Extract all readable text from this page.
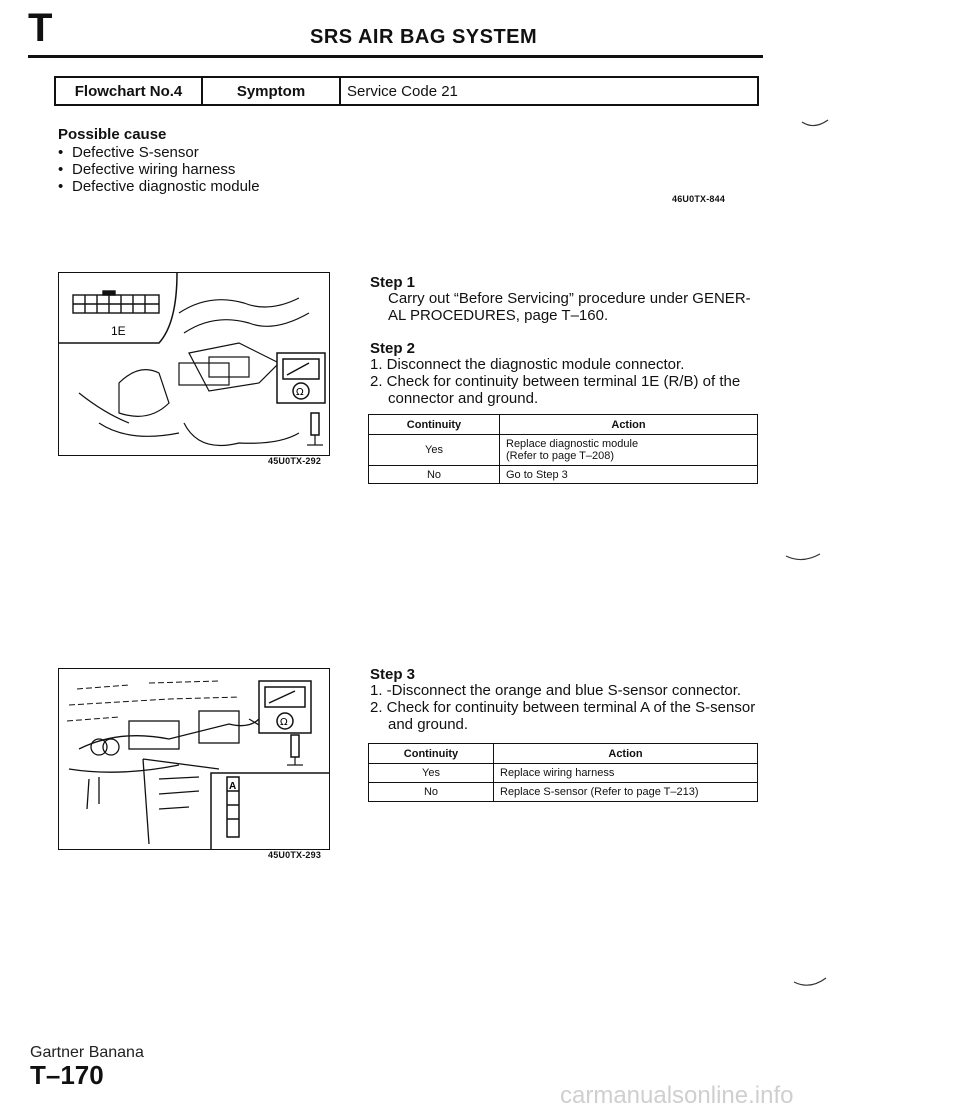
T	SRS AIR BAG SYSTEM
Flowchart No.4	Symptom	Service Code 21
Possible cause
• Defective S-sensor
• Defective wiring harness
• Defective diagnostic module
46U0TX-844
1E
Ω
45U0TX-292
Step 1
Carry out “Before Servicing” procedure under GENER-
AL PROCEDURES, page T–160.
Step 2
1. Disconnect the diagnostic module connector.
2. Check for continuity between terminal 1E (R/B) of the
connector and ground.
Continuity	Action
Yes	Replace diagnostic module
(Refer to page T–208)

No	Go to Step 3
A
Ω
45U0TX-293
Step 3
1. -Disconnect the orange and blue S-sensor connector.
2. Check for continuity between terminal A of the S-sensor
and ground.
Continuity	Action
Yes	Replace wiring harness
No	Replace S-sensor (Refer to page T–213)
Gartner Banana
T–170
carmanualsonline.info
